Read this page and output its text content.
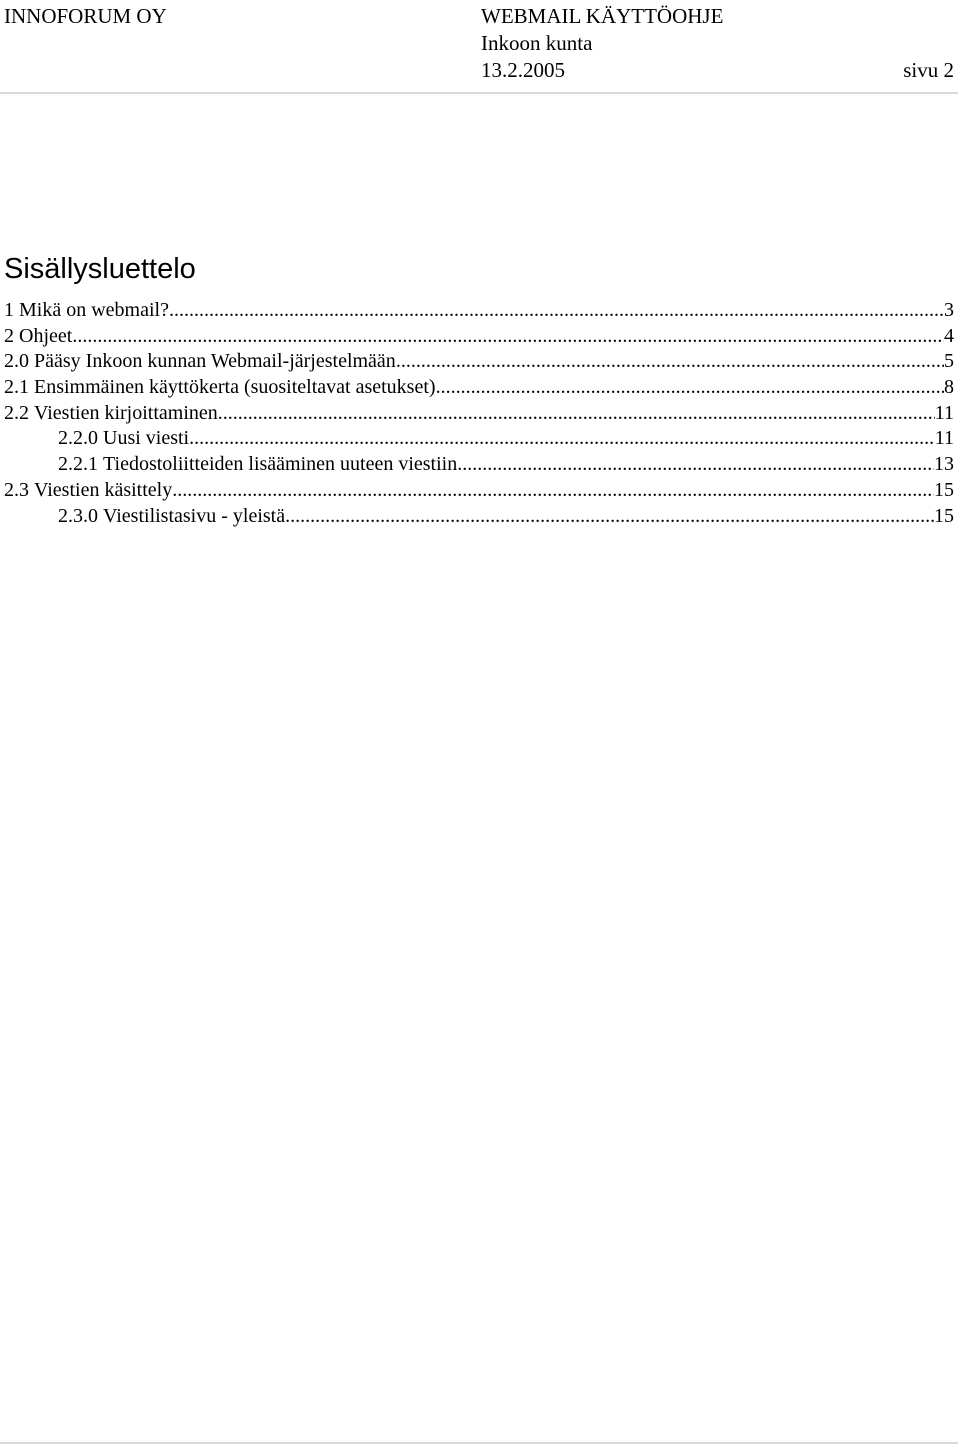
INNOFORUM OY	WEBMAIL KÄYTTÖOHJE
Inkoon kunta
13.2.2005	sivu 2
Sisällysluettelo
1 Mikä on webmail? .....	3
2 Ohjeet .....	4
2.0 Pääsy Inkoon kunnan Webmail-järjestelmään .....	5
2.1 Ensimmäinen käyttökerta (suositeltavat asetukset) .....	8
2.2 Viestien kirjoittaminen .....	11
2.2.0 Uusi viesti .....	11
2.2.1 Tiedostoliitteiden lisääminen uuteen viestiin .....	13
2.3 Viestien käsittely .....	15
2.3.0 Viestilistasivu - yleistä .....	15
